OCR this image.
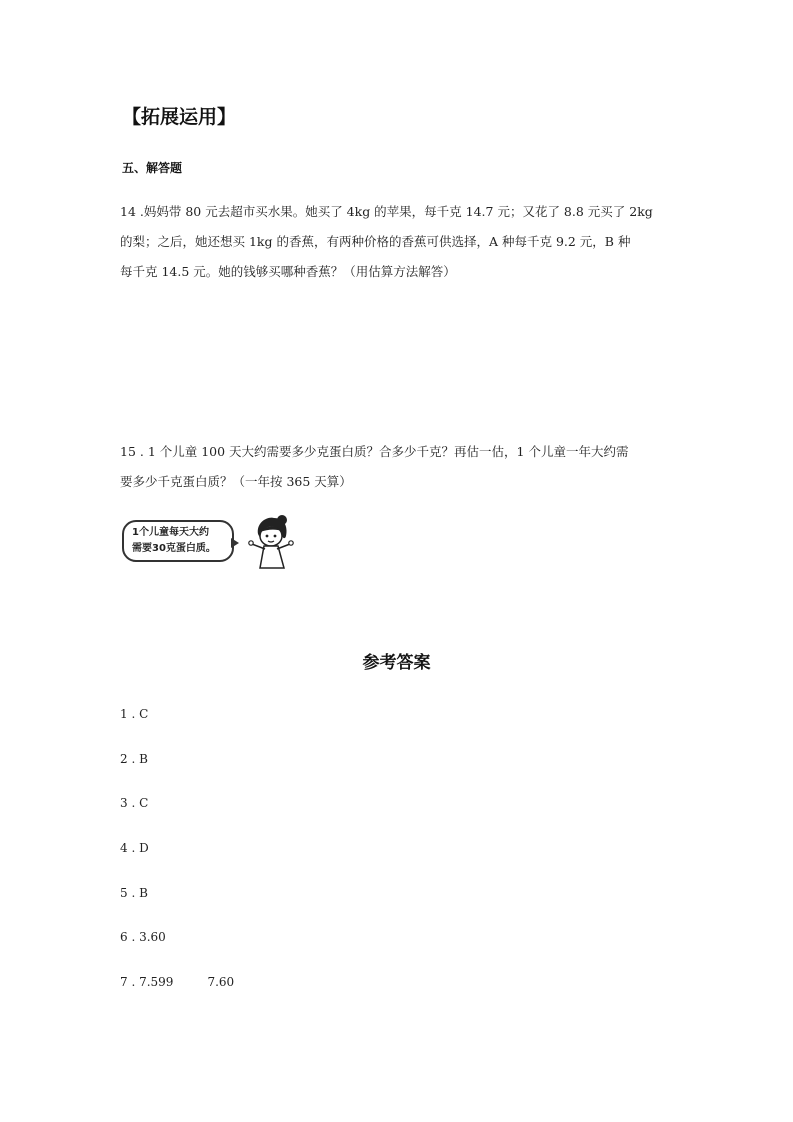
【拓展运用】
五、解答题
14 .妈妈带 80 元去超市买水果。她买了 4kg 的苹果，每千克 14.7 元；又花了 8.8 元买了 2kg
的梨；之后，她还想买 1kg 的香蕉，有两种价格的香蕉可供选择，A 种每千克 9.2 元，B 种
每千克 14.5 元。她的钱够买哪种香蕉？（用估算方法解答）
15 . 1 个儿童 100 天大约需要多少克蛋白质？合多少千克？再估一估，1 个儿童一年大约需
要多少千克蛋白质？（一年按 365 天算）
1个儿童每天大约
需要30克蛋白质。
参考答案
1 . C
2 . B
3 . C
4 . D
5 . B
6 . 3.60
7 . 7.599	7.60
